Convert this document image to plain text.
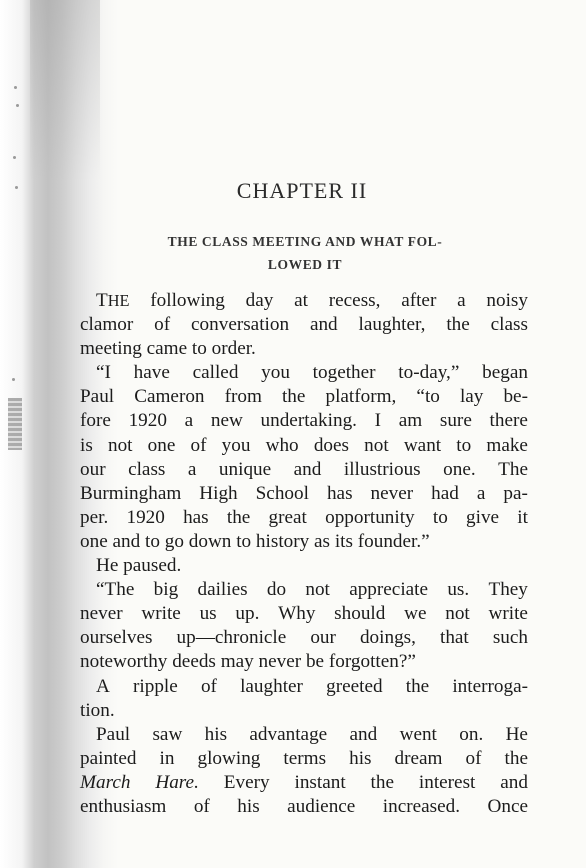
CHAPTER II
THE CLASS MEETING AND WHAT FOL-
LOWED IT
THE following day at recess, after a noisy
clamor of conversation and laughter, the class
meeting came to order.
“I have called you together to-day,” began
Paul Cameron from the platform, “to lay be-
fore 1920 a new undertaking. I am sure there
is not one of you who does not want to make
our class a unique and illustrious one. The
Burmingham High School has never had a pa-
per. 1920 has the great opportunity to give it
one and to go down to history as its founder.”
He paused.
“The big dailies do not appreciate us. They
never write us up. Why should we not write
ourselves up—chronicle our doings, that such
noteworthy deeds may never be forgotten?”
A ripple of laughter greeted the interroga-
tion.
Paul saw his advantage and went on. He
painted in glowing terms his dream of the
March Hare. Every instant the interest and
enthusiasm of his audience increased. Once
